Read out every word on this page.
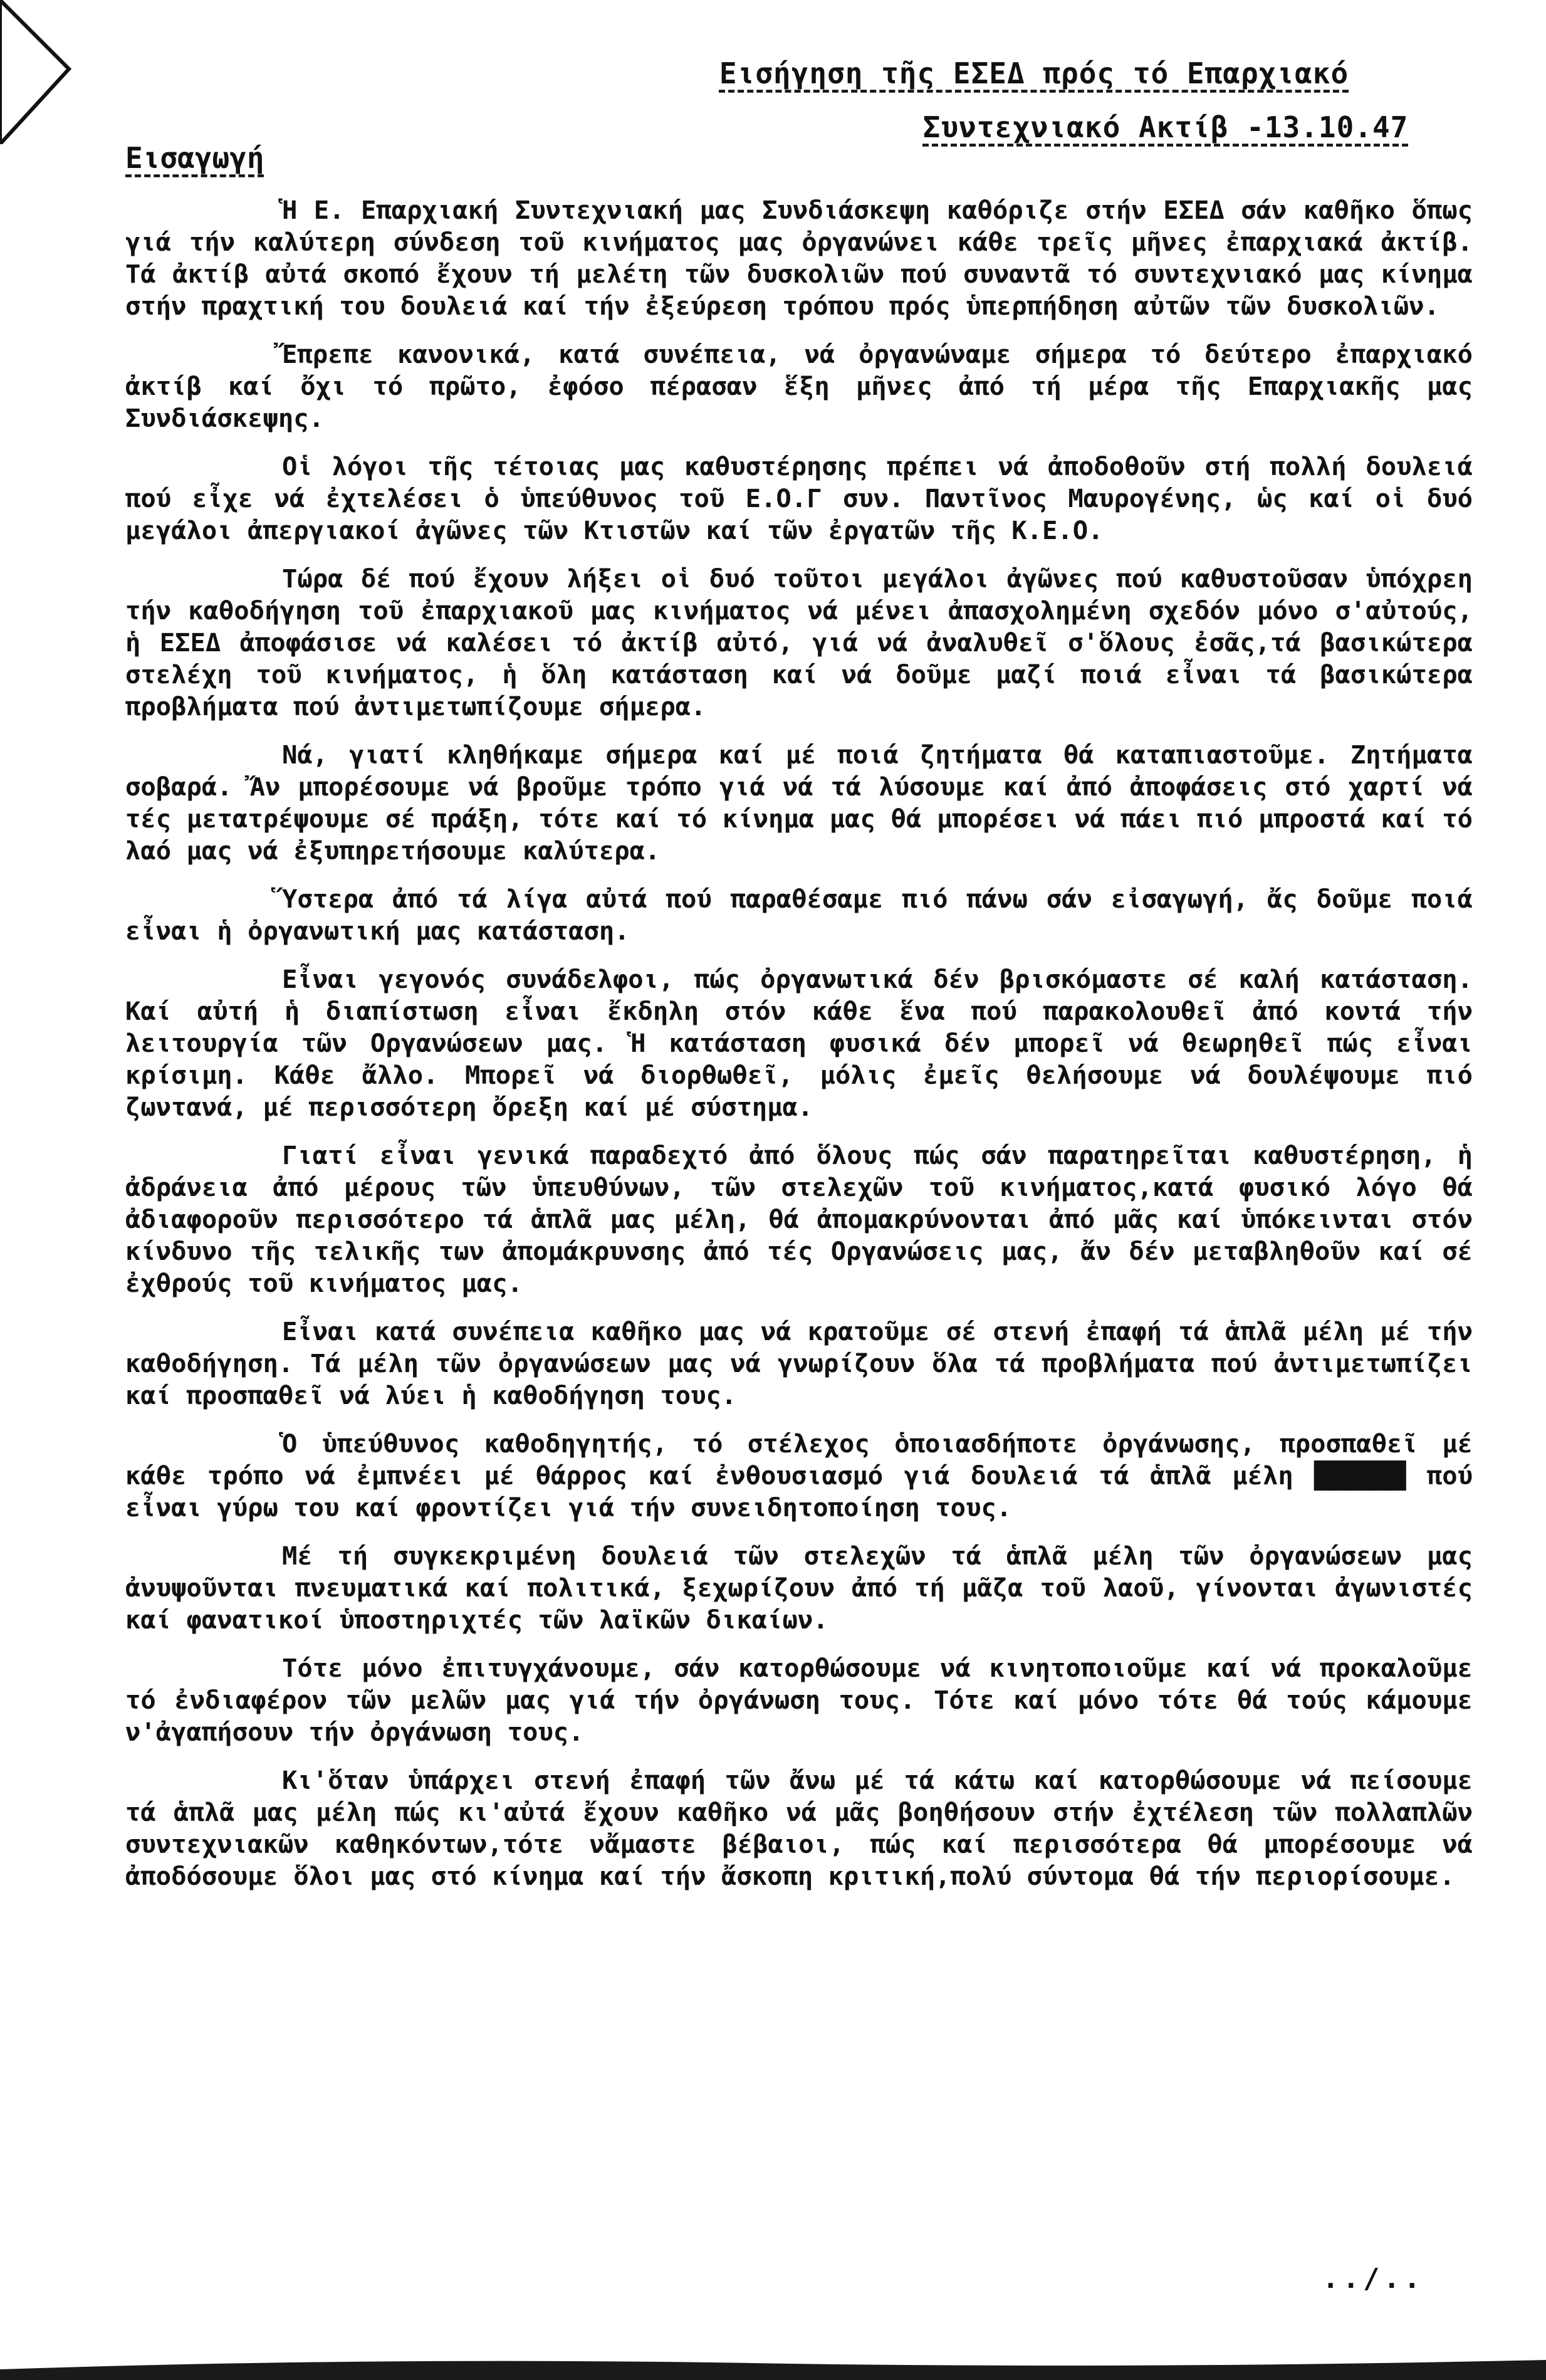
Εισήγηση τῆς ΕΣΕΔ πρός τό Επαρχιακό
Συντεχνιακό Ακτίβ -13.10.47
Εισαγωγή

Ἡ Ε. Επαρχιακή Συντεχνιακή μας Συνδιάσκεψη καθόριζε στήν ΕΣΕΔ σάν καθῆκο ὅπως γιά τήν καλύτερη σύνδεση τοῦ κινήματος μας ὀργανώνει κάθε τρεῖς μῆνες ἐπαρχιακά ἀκτίβ. Τά ἀκτίβ αὐτά σκοπό ἔχουν τή μελέτη τῶν δυσκολιῶν πού συναντᾶ τό συντεχνιακό μας κίνημα στήν πραχτική του δουλειά καί τήν ἐξεύρεση τρόπου πρός ὑπερπήδηση αὐτῶν τῶν δυσκολιῶν.

Ἔπρεπε κανονικά, κατά συνέπεια, νά ὀργανώναμε σήμερα τό δεύτερο ἐπαρχιακό ἀκτίβ καί ὄχι τό πρῶτο, ἐφόσο πέρασαν ἕξη μῆνες ἀπό τή μέρα τῆς Επαρχιακῆς μας Συνδιάσκεψης.

Οἱ λόγοι τῆς τέτοιας μας καθυστέρησης πρέπει νά ἀποδοθοῦν στή πολλή δουλειά πού εἶχε νά ἐχτελέσει ὁ ὑπεύθυνος τοῦ Ε.Ο.Γ συν. Παντῖνος Μαυρογένης, ὡς καί οἱ δυό μεγάλοι ἀπεργιακοί ἀγῶνες τῶν Κτιστῶν καί τῶν ἐργατῶν τῆς Κ.Ε.Ο.

Τώρα δέ πού ἔχουν λήξει οἱ δυό τοῦτοι μεγάλοι ἀγῶνες πού καθυστοῦσαν ὑπόχρεη τήν καθοδήγηση τοῦ ἐπαρχιακοῦ μας κινήματος νά μένει ἀπασχολημένη σχεδόν μόνο σ'αὐτούς, ἡ ΕΣΕΔ ἀποφάσισε νά καλέσει τό ἀκτίβ αὐτό, γιά νά ἀναλυθεῖ σ'ὅλους ἐσᾶς,τά βασικώτερα στελέχη τοῦ κινήματος, ἡ ὅλη κατάσταση καί νά δοῦμε μαζί ποιά εἶναι τά βασικώτερα προβλήματα πού ἀντιμετωπίζουμε σήμερα.

Νά, γιατί κληθήκαμε σήμερα καί μέ ποιά ζητήματα θά καταπιαστοῦμε. Ζητήματα σοβαρά. Ἄν μπορέσουμε νά βροῦμε τρόπο γιά νά τά λύσουμε καί ἀπό ἀποφάσεις στό χαρτί νά τές μετατρέψουμε σέ πράξη, τότε καί τό κίνημα μας θά μπορέσει νά πάει πιό μπροστά καί τό λαό μας νά ἐξυπηρετήσουμε καλύτερα.

Ὕστερα ἀπό τά λίγα αὐτά πού παραθέσαμε πιό πάνω σάν εἰσαγωγή, ἄς δοῦμε ποιά εἶναι ἡ ὀργανωτική μας κατάσταση.

Εἶναι γεγονός συνάδελφοι, πώς ὀργανωτικά δέν βρισκόμαστε σέ καλή κατάσταση. Καί αὐτή ἡ διαπίστωση εἶναι ἔκδηλη στόν κάθε ἕνα πού παρακολουθεῖ ἀπό κοντά τήν λειτουργία τῶν Οργανώσεων μας. Ἡ κατάσταση φυσικά δέν μπορεῖ νά θεωρηθεῖ πώς εἶναι κρίσιμη. Κάθε ἄλλο. Μπορεῖ νά διορθωθεῖ, μόλις ἐμεῖς θελήσουμε νά δουλέψουμε πιό ζωντανά, μέ περισσότερη ὄρεξη καί μέ σύστημα.

Γιατί εἶναι γενικά παραδεχτό ἀπό ὅλους πώς σάν παρατηρεῖται καθυστέρηση, ἡ ἀδράνεια ἀπό μέρους τῶν ὑπευθύνων, τῶν στελεχῶν τοῦ κινήματος,κατά φυσικό λόγο θά ἀδιαφοροῦν περισσότερο τά ἁπλᾶ μας μέλη, θά ἀπομακρύνονται ἀπό μᾶς καί ὑπόκεινται στόν κίνδυνο τῆς τελικῆς των ἀπομάκρυνσης ἀπό τές Οργανώσεις μας, ἄν δέν μεταβληθοῦν καί σέ ἐχθρούς τοῦ κινήματος μας.

Εἶναι κατά συνέπεια καθῆκο μας νά κρατοῦμε σέ στενή ἐπαφή τά ἁπλᾶ μέλη μέ τήν καθοδήγηση. Τά μέλη τῶν ὀργανώσεων μας νά γνωρίζουν ὅλα τά προβλήματα πού ἀντιμετωπίζει καί προσπαθεῖ νά λύει ἡ καθοδήγηση τους.

Ὁ ὑπεύθυνος καθοδηγητής, τό στέλεχος ὁποιασδήποτε ὀργάνωσης, προσπαθεῖ μέ κάθε τρόπο νά ἐμπνέει μέ θάρρος καί ἐνθουσιασμό γιά δουλειά τά ἁπλᾶ μέλη ██████ πού εἶναι γύρω του καί φροντίζει γιά τήν συνειδητοποίηση τους.

Μέ τή συγκεκριμένη δουλειά τῶν στελεχῶν τά ἁπλᾶ μέλη τῶν ὀργανώσεων μας ἀνυψοῦνται πνευματικά καί πολιτικά, ξεχωρίζουν ἀπό τή μᾶζα τοῦ λαοῦ, γίνονται ἀγωνιστές καί φανατικοί ὑποστηριχτές τῶν λαϊκῶν δικαίων.

Τότε μόνο ἐπιτυγχάνουμε, σάν κατορθώσουμε νά κινητοποιοῦμε καί νά προκαλοῦμε τό ἐνδιαφέρον τῶν μελῶν μας γιά τήν ὀργάνωση τους. Τότε καί μόνο τότε θά τούς κάμουμε ν'ἀγαπήσουν τήν ὀργάνωση τους.

Κι'ὅταν ὑπάρχει στενή ἐπαφή τῶν ἄνω μέ τά κάτω καί κατορθώσουμε νά πείσουμε τά ἁπλᾶ μας μέλη πώς κι'αὐτά ἔχουν καθῆκο νά μᾶς βοηθήσουν στήν ἐχτέλεση τῶν πολλαπλῶν συντεχνιακῶν καθηκόντων,τότε νἄμαστε βέβαιοι, πώς καί περισσότερα θά μπορέσουμε νά ἀποδόσουμε ὅλοι μας στό κίνημα καί τήν ἄσκοπη κριτική,πολύ σύντομα θά τήν περιορίσουμε.

../..
